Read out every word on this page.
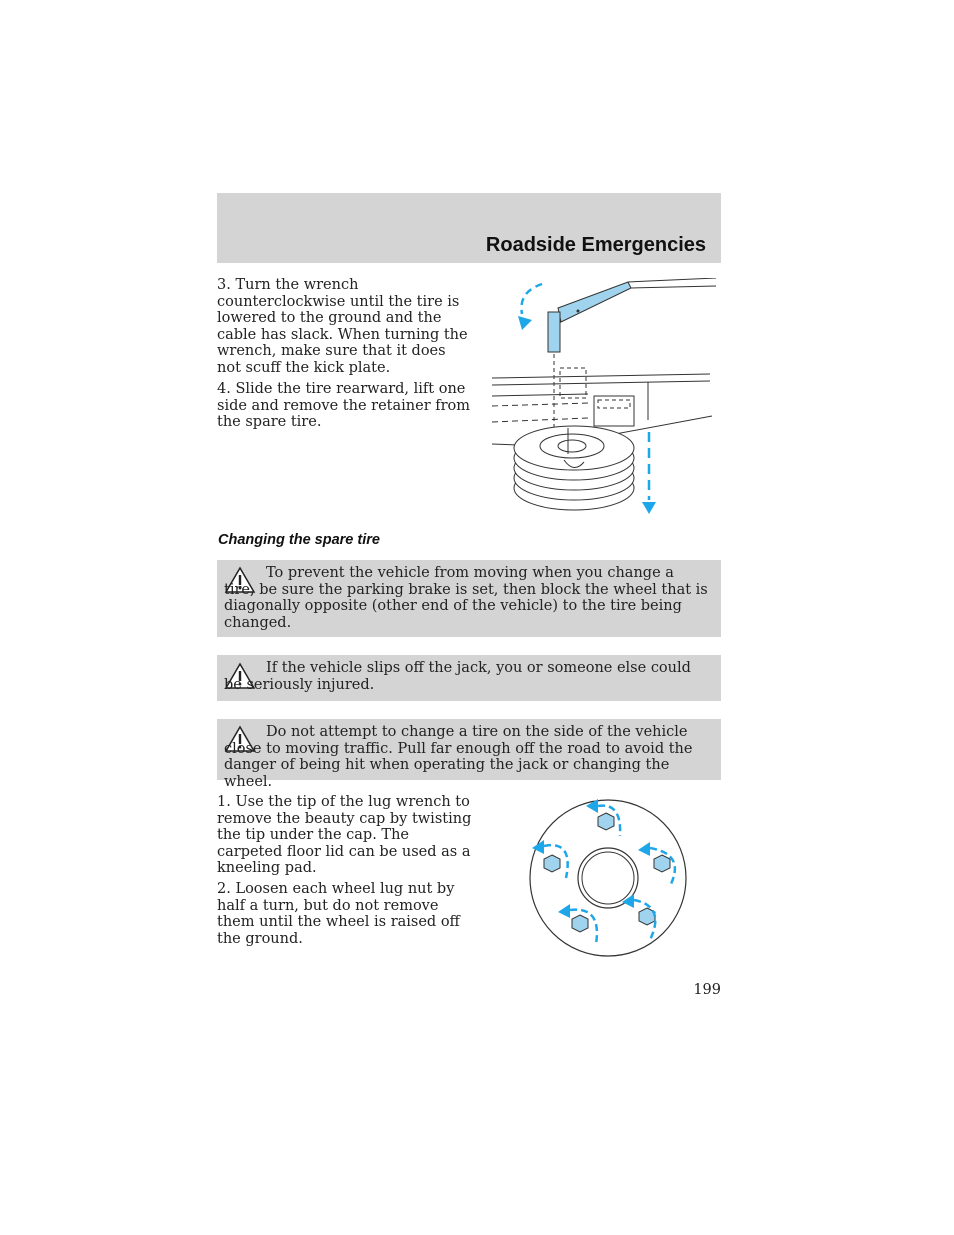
Roadside Emergencies

3. Turn the wrench counterclockwise until the tire is lowered to the ground and the cable has slack. When turning the wrench, make sure that it does not scuff the kick plate.

4. Slide the tire rearward, lift one side and remove the retainer from the spare tire.

Changing the spare tire

To prevent the vehicle from moving when you change a tire, be sure the parking brake is set, then block the wheel that is diagonally opposite (other end of the vehicle) to the tire being changed.

If the vehicle slips off the jack, you or someone else could be seriously injured.

Do not attempt to change a tire on the side of the vehicle close to moving traffic. Pull far enough off the road to avoid the danger of being hit when operating the jack or changing the wheel.

1. Use the tip of the lug wrench to remove the beauty cap by twisting the tip under the cap. The carpeted floor lid can be used as a kneeling pad.

2. Loosen each wheel lug nut by half a turn, but do not remove them until the wheel is raised off the ground.

199
